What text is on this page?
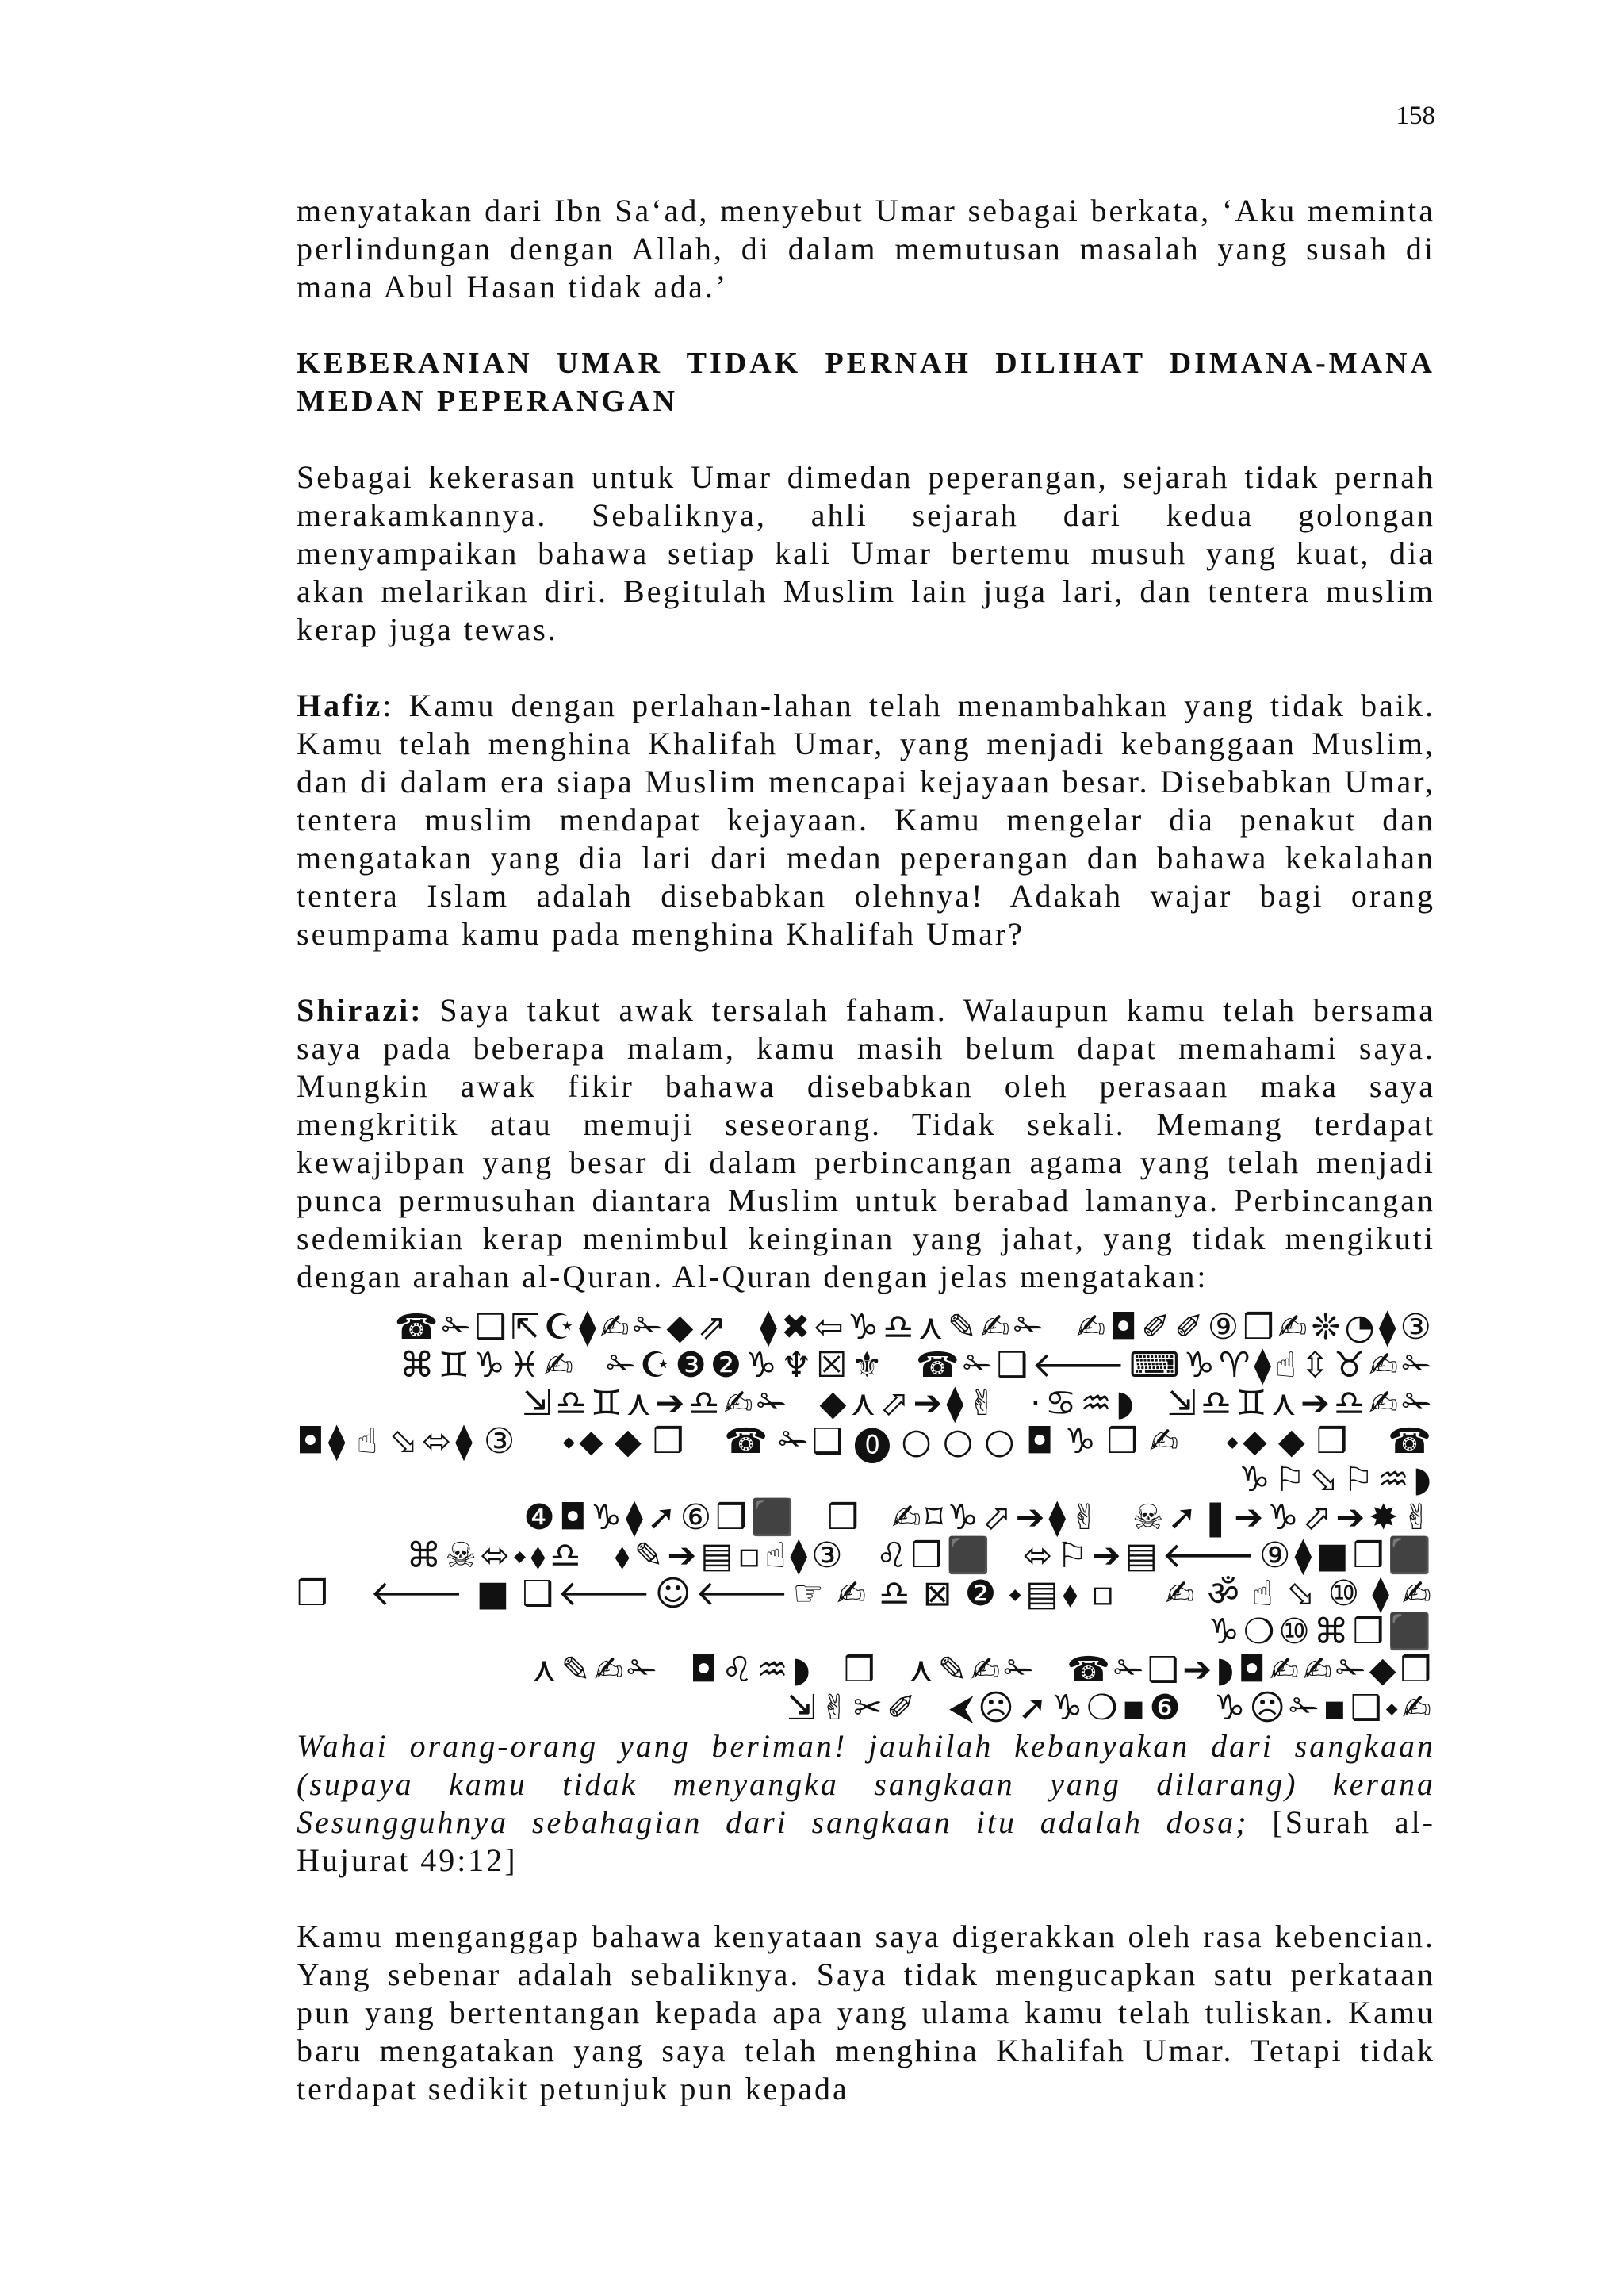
158

menyatakan dari Ibn Sa‘ad, menyebut Umar sebagai berkata, ‘Aku meminta perlindungan dengan Allah, di dalam memutusan masalah yang susah di mana Abul Hasan tidak ada.’

KEBERANIAN UMAR TIDAK PERNAH DILIHAT DIMANA-MANA MEDAN PEPERANGAN

Sebagai kekerasan untuk Umar dimedan peperangan, sejarah tidak pernah merakamkannya. Sebaliknya, ahli sejarah dari kedua golongan menyampaikan bahawa setiap kali Umar bertemu musuh yang kuat, dia akan melarikan diri. Begitulah Muslim lain juga lari, dan tentera muslim kerap juga tewas.

Hafiz: Kamu dengan perlahan-lahan telah menambahkan yang tidak baik. Kamu telah menghina Khalifah Umar, yang menjadi kebanggaan Muslim, dan di dalam era siapa Muslim mencapai kejayaan besar. Disebabkan Umar, tentera muslim mendapat kejayaan. Kamu mengelar dia penakut dan mengatakan yang dia lari dari medan peperangan dan bahawa kekalahan tentera Islam adalah disebabkan olehnya! Adakah wajar bagi orang seumpama kamu pada menghina Khalifah Umar?

Shirazi: Saya takut awak tersalah faham. Walaupun kamu telah bersama saya pada beberapa malam, kamu masih belum dapat memahami saya. Mungkin awak fikir bahawa disebabkan oleh perasaan maka saya mengkritik atau memuji seseorang. Tidak sekali. Memang terdapat kewajibpan yang besar di dalam perbincangan agama yang telah menjadi punca permusuhan diantara Muslim untuk berabad lamanya. Perbincangan sedemikian kerap menimbul keinginan yang jahat, yang tidak mengikuti dengan arahan al-Quran. Al-Quran dengan jelas mengatakan:

☎✁❑⇱☪⧫✍✁◆⇗ ⧫✖⇦♑♎⋏✎✍✁ ✍◘✐✐⑨❒✍❊◔⧫③
⌘♊♑♓✍ ✁☪❸❷♑♆☒⚜ ☎✁❑🡐⌨♑♈⧫☝⇳♉✍✁
⇲♎♊⋏➔♎✍✁ ◆⋏⬀➔⧫✌ ·♋♒◗ ⇲♎♊⋏➔♎✍✁
◘⧫☝⬂⬄⧫③ ⬩⬥◆❒ ☎✁❑⓿○○○◘♑❒✍ ⬩⬥◆❒ ☎ ♑⚐⬂⚐♒◗
❹◘♑⧫➚⑥❒⬛ ❒ ✍⌑♑⬀➔⧫✌ ☠➚❚➔♑⬀➔✸✌
⌘☠⬄⬩⬧♎ ⬧✎➔▤▫☝⧫③ ♌❒⬛ ⬄⚐➔▤🡐⑨⧫■❒⬛
❒ 🡐■❑🡐☺🡐☞✍♎⊠❷⬩▤⬧▫ ✍ॐ☝⬂⑩⧫✍ ♑❍⑩⌘❒⬛
⋏✎✍✁ ◘♌♒◗ ❒ ⋏✎✍✁ ☎✁❑➔◗◘✍✍✁◆❒
⇲✌✂✐ ⮜☹➚♑❍▪❻ ♑☹✁▪❑⬩✍

Wahai orang-orang yang beriman! jauhilah kebanyakan dari sangkaan (supaya kamu tidak menyangka sangkaan yang dilarang) kerana Sesungguhnya sebahagian dari sangkaan itu adalah dosa; [Surah al-Hujurat 49:12]

Kamu menganggap bahawa kenyataan saya digerakkan oleh rasa kebencian. Yang sebenar adalah sebaliknya. Saya tidak mengucapkan satu perkataan pun yang bertentangan kepada apa yang ulama kamu telah tuliskan. Kamu baru mengatakan yang saya telah menghina Khalifah Umar. Tetapi tidak terdapat sedikit petunjuk pun kepada
